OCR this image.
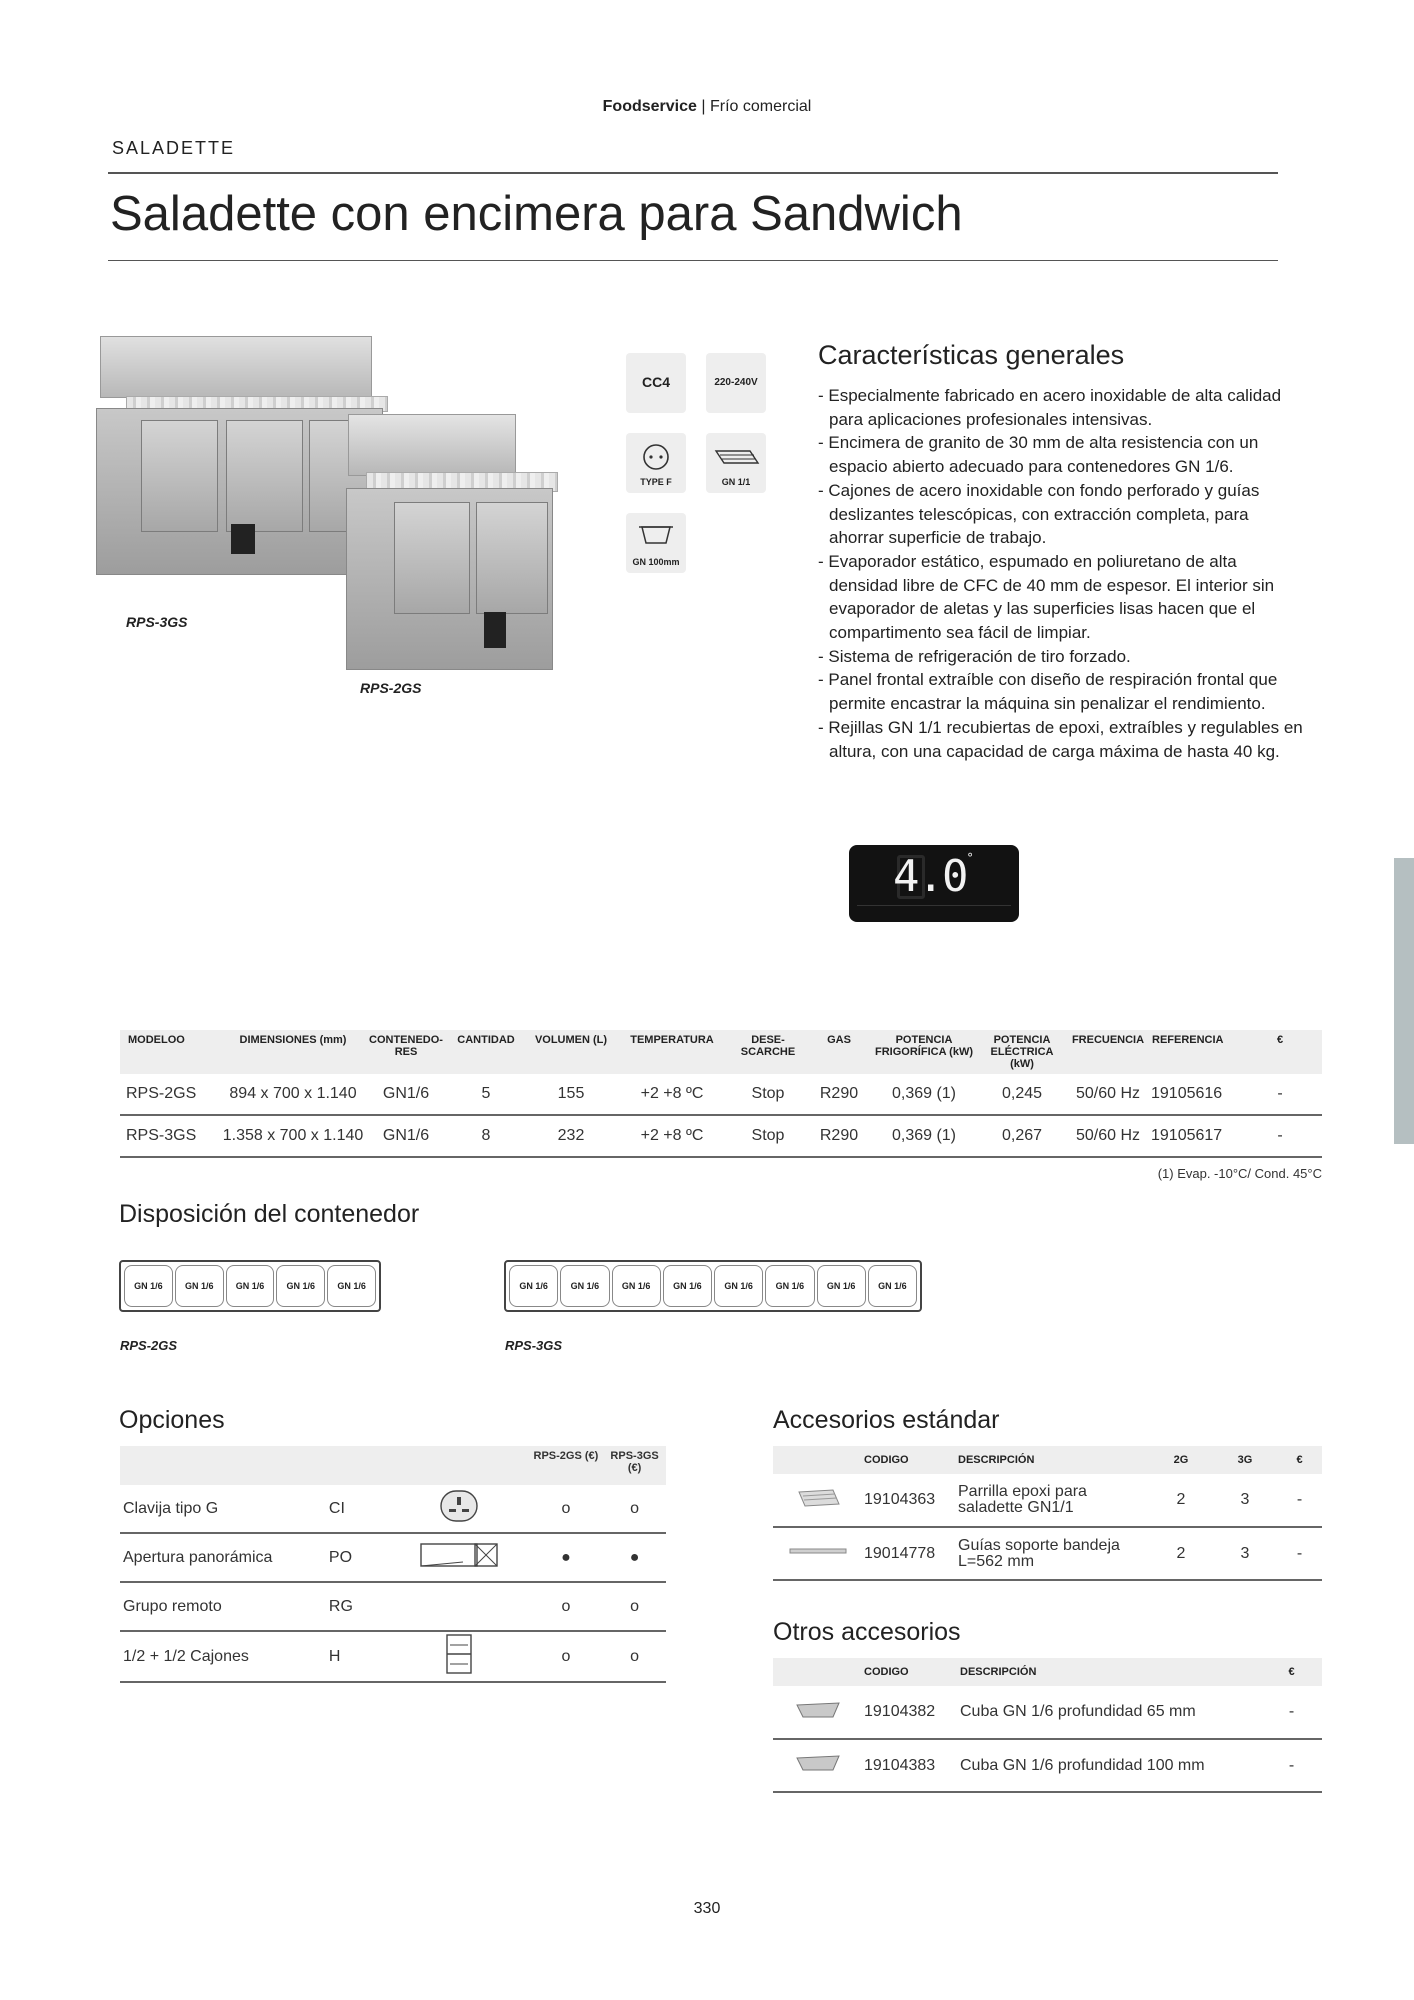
Foodservice | Frío comercial
SALADETTE
Saladette con encimera para Sandwich
RPS-3GS
RPS-2GS
CC4	220-240V
TYPE F	GN 1/1
GN 100mm
Características generales
- Especialmente fabricado en acero inoxidable de alta calidad para aplicaciones profesionales intensivas.
- Encimera de granito de 30 mm de alta resistencia con un espacio abierto adecuado para contenedores GN 1/6.
- Cajones de acero inoxidable con fondo perforado y guías deslizantes telescópicas, con extracción completa, para ahorrar superficie de trabajo.
- Evaporador estático, espumado en poliuretano de alta densidad libre de CFC de 40 mm de espesor. El interior sin evaporador de aletas y las superficies lisas hacen que el compartimento sea fácil de limpiar.
- Sistema de refrigeración de tiro forzado.
- Panel frontal extraíble con diseño de respiración frontal que permite encastrar la máquina sin penalizar el rendimiento.
- Rejillas GN 1/1 recubiertas de epoxi, extraíbles y regulables en altura, con una capacidad de carga máxima de hasta 40 kg.
4.0°
MODELOO	DIMENSIONES (mm)	CONTENEDO-RES	CANTIDAD	VOLUMEN (L)	TEMPERATURA	DESE-SCARCHE	GAS	POTENCIA FRIGORÍFICA (kW)	POTENCIA ELÉCTRICA (kW)	FRECUENCIA	REFERENCIA	€
RPS-2GS	894 x 700 x 1.140	GN1/6	5	155	+2 +8 ºC	Stop	R290	0,369 (1)	0,245	50/60 Hz	19105616	-
RPS-3GS	1.358 x 700 x 1.140	GN1/6	8	232	+2 +8 ºC	Stop	R290	0,369 (1)	0,267	50/60 Hz	19105617	-
(1) Evap. -10°C/ Cond. 45°C
Disposición del contenedor
GN 1/6	GN 1/6	GN 1/6	GN 1/6	GN 1/6
RPS-2GS
GN 1/6	GN 1/6	GN 1/6	GN 1/6	GN 1/6	GN 1/6	GN 1/6	GN 1/6
RPS-3GS
Opciones
			RPS-2GS (€)	RPS-3GS (€)
Clavija tipo G	CI		o	o
Apertura panorámica	PO		●	●
Grupo remoto	RG		o	o
1/2 + 1/2 Cajones	H		o	o
Accesorios estándar
	CODIGO	DESCRIPCIÓN	2G	3G	€
	19104363	Parrilla epoxi para saladette GN1/1	2	3	-
	19014778	Guías soporte bandeja L=562 mm	2	3	-
Otros accesorios
	CODIGO	DESCRIPCIÓN	€
	19104382	Cuba GN 1/6 profundidad 65 mm	-
	19104383	Cuba GN 1/6 profundidad 100 mm	-
330
